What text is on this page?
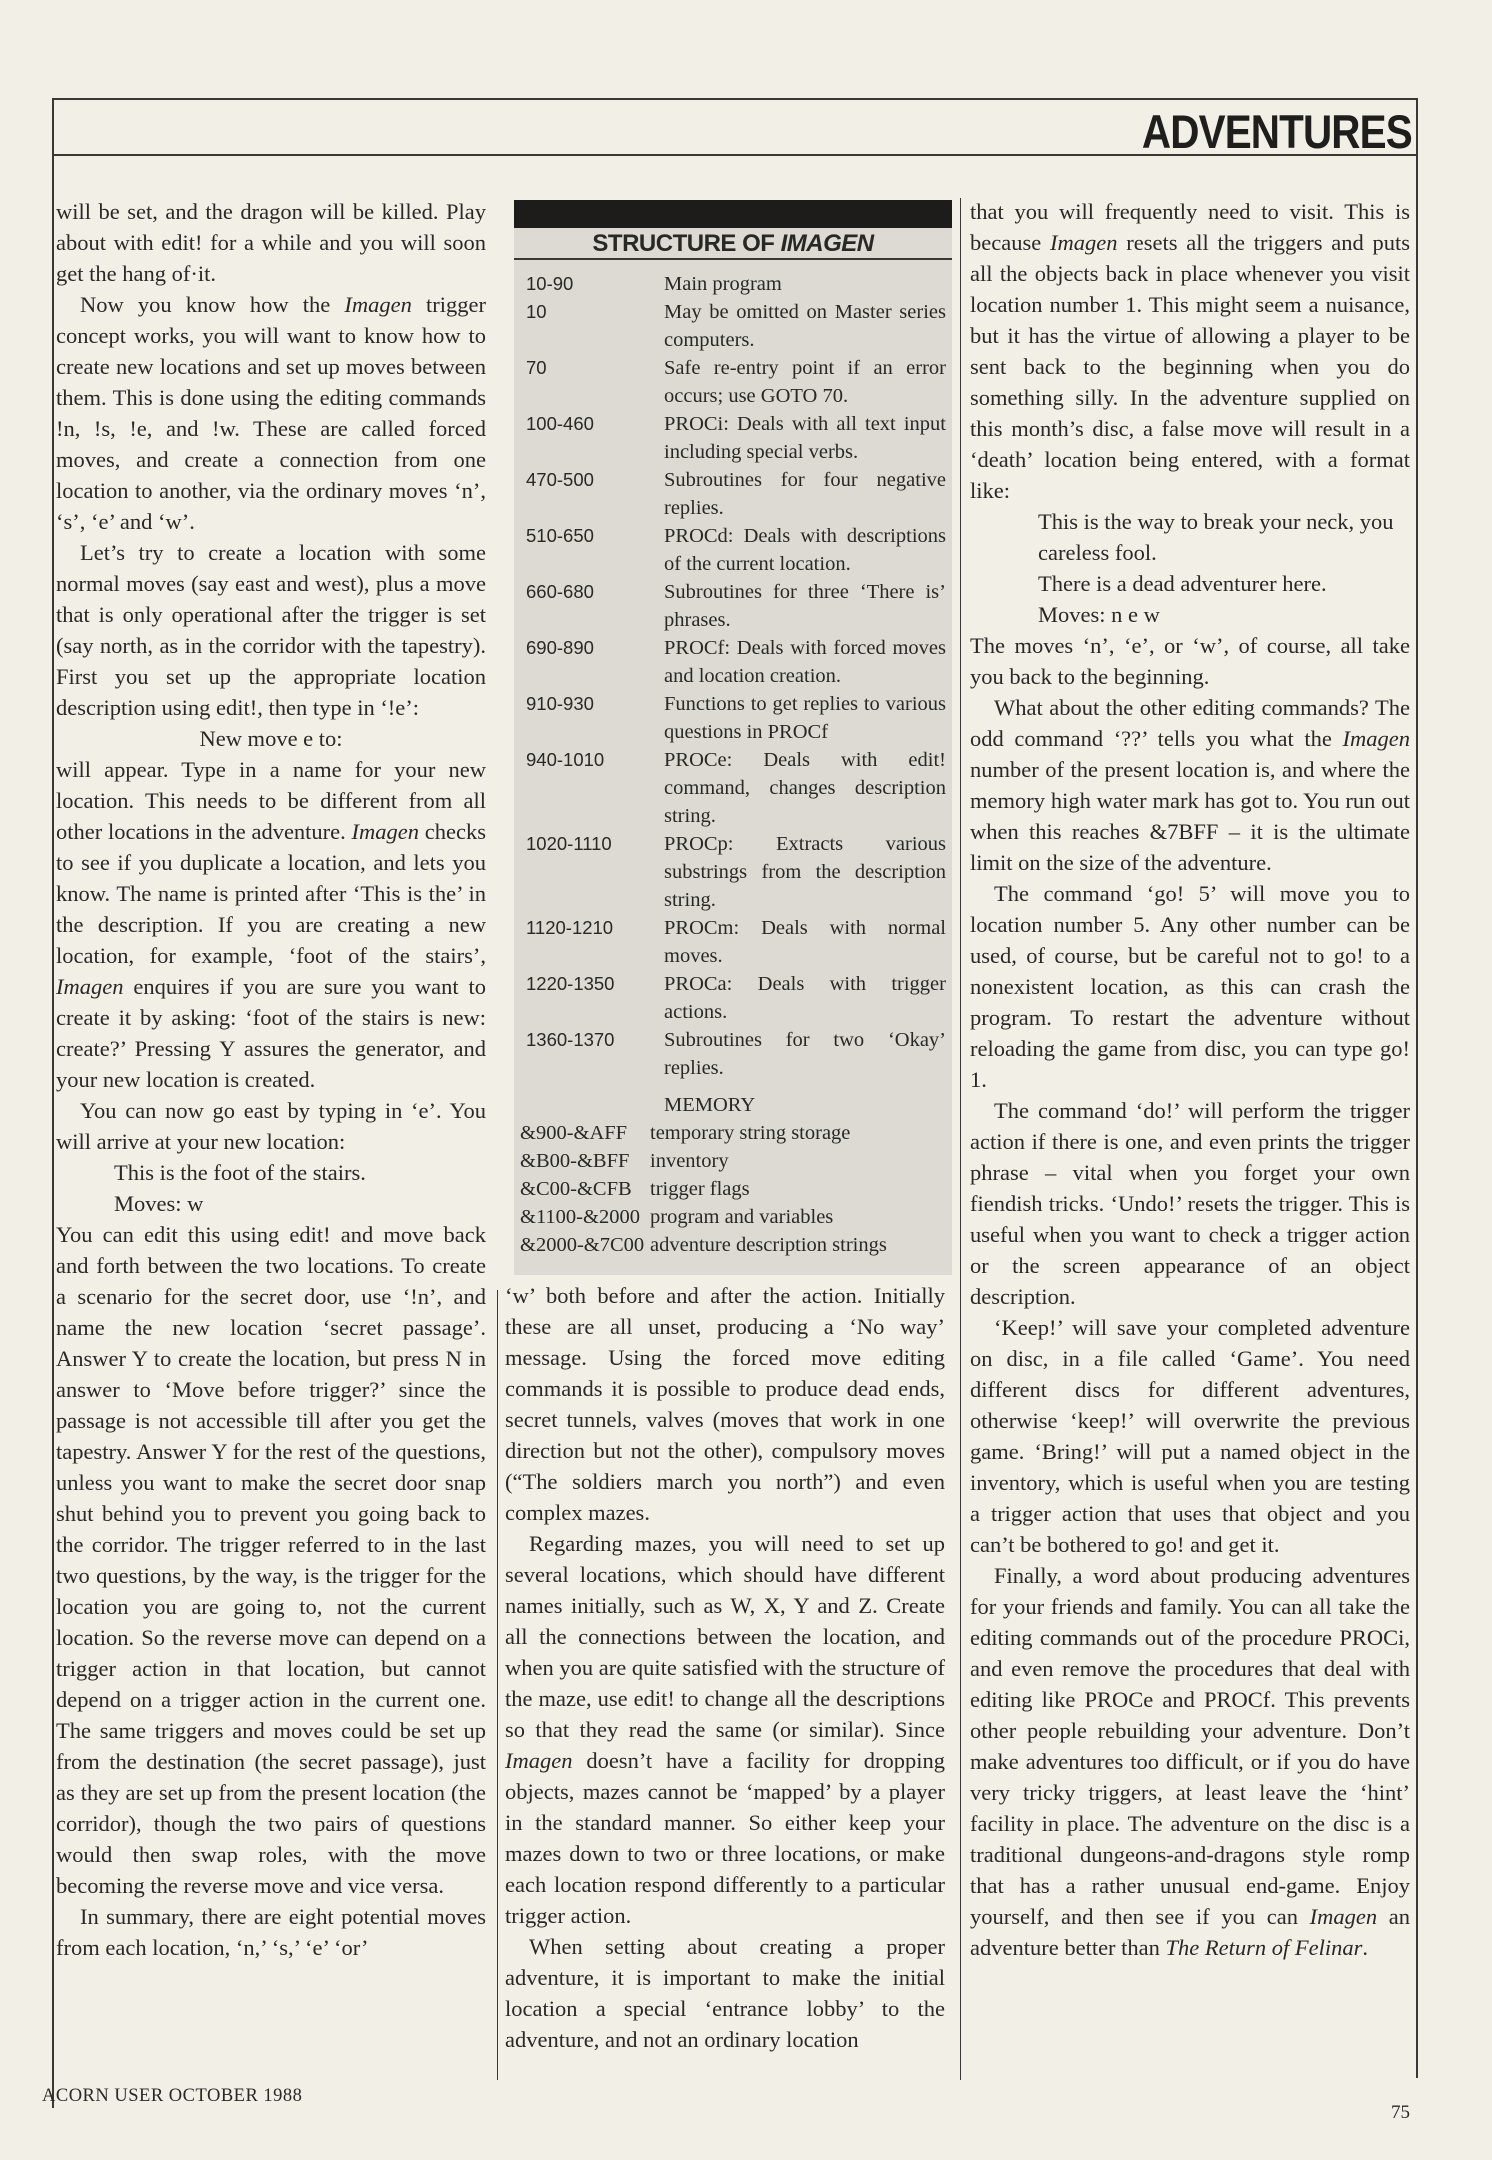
ADVENTURES

will be set, and the dragon will be killed. Play about with edit! for a while and you will soon get the hang of·it.

Now you know how the Imagen trigger concept works, you will want to know how to create new locations and set up moves between them. This is done using the editing commands !n, !s, !e, and !w. These are called forced moves, and create a connection from one location to another, via the ordinary moves ‘n’, ‘s’, ‘e’ and ‘w’.

Let’s try to create a location with some normal moves (say east and west), plus a move that is only operational after the trigger is set (say north, as in the corridor with the tapestry). First you set up the appropriate location description using edit!, then type in ‘!e’:

New move e to:

will appear. Type in a name for your new location. This needs to be different from all other locations in the adventure. Imagen checks to see if you duplicate a location, and lets you know. The name is printed after ‘This is the’ in the description. If you are creating a new location, for example, ‘foot of the stairs’, Imagen enquires if you are sure you want to create it by asking: ‘foot of the stairs is new: create?’ Pressing Y assures the generator, and your new location is created.

You can now go east by typing in ‘e’. You will arrive at your new location:

This is the foot of the stairs.

Moves: w

You can edit this using edit! and move back and forth between the two locations. To create a scenario for the secret door, use ‘!n’, and name the new location ‘secret passage’. Answer Y to create the location, but press N in answer to ‘Move before trigger?’ since the passage is not accessible till after you get the tapestry. Answer Y for the rest of the questions, unless you want to make the secret door snap shut behind you to prevent you going back to the corridor. The trigger referred to in the last two questions, by the way, is the trigger for the location you are going to, not the current location. So the reverse move can depend on a trigger action in that location, but cannot depend on a trigger action in the current one. The same triggers and moves could be set up from the destination (the secret passage), just as they are set up from the present location (the corridor), though the two pairs of questions would then swap roles, with the move becoming the reverse move and vice versa.

In summary, there are eight potential moves from each location, ‘n,’ ‘s,’ ‘e’ ‘or’

STRUCTURE OF IMAGEN
10-90	Main program
10	May be omitted on Master series computers.
70	Safe re-entry point if an error occurs; use GOTO 70.
100-460	PROCi: Deals with all text input including special verbs.
470-500	Subroutines for four negative replies.
510-650	PROCd: Deals with descriptions of the current location.
660-680	Subroutines for three ‘There is’ phrases.
690-890	PROCf: Deals with forced moves and location creation.
910-930	Functions to get replies to various questions in PROCf
940-1010	PROCe: Deals with edit! command, changes description string.
1020-1110	PROCp: Extracts various substrings from the description string.
1120-1210	PROCm: Deals with normal moves.
1220-1350	PROCa: Deals with trigger actions.
1360-1370	Subroutines for two ‘Okay’ replies.
MEMORY
&900-&AFF temporary string storage
&B00-&BFF inventory
&C00-&CFB trigger flags
&1100-&2000 program and variables
&2000-&7C00 adventure description strings

‘w’ both before and after the action. Initially these are all unset, producing a ‘No way’ message. Using the forced move editing commands it is possible to produce dead ends, secret tunnels, valves (moves that work in one direction but not the other), compulsory moves (“The soldiers march you north”) and even complex mazes.

Regarding mazes, you will need to set up several locations, which should have different names initially, such as W, X, Y and Z. Create all the connections between the location, and when you are quite satisfied with the structure of the maze, use edit! to change all the descriptions so that they read the same (or similar). Since Imagen doesn’t have a facility for dropping objects, mazes cannot be ‘mapped’ by a player in the standard manner. So either keep your mazes down to two or three locations, or make each location respond differently to a particular trigger action.

When setting about creating a proper adventure, it is important to make the initial location a special ‘entrance lobby’ to the adventure, and not an ordinary location

that you will frequently need to visit. This is because Imagen resets all the triggers and puts all the objects back in place whenever you visit location number 1. This might seem a nuisance, but it has the virtue of allowing a player to be sent back to the beginning when you do something silly. In the adventure supplied on this month’s disc, a false move will result in a ‘death’ location being entered, with a format like:

This is the way to break your neck, you careless fool.

There is a dead adventurer here.

Moves: n e w

The moves ‘n’, ‘e’, or ‘w’, of course, all take you back to the beginning.

What about the other editing commands? The odd command ‘??’ tells you what the Imagen number of the present location is, and where the memory high water mark has got to. You run out when this reaches &7BFF – it is the ultimate limit on the size of the adventure.

The command ‘go! 5’ will move you to location number 5. Any other number can be used, of course, but be careful not to go! to a nonexistent location, as this can crash the program. To restart the adventure without reloading the game from disc, you can type go! 1.

The command ‘do!’ will perform the trigger action if there is one, and even prints the trigger phrase – vital when you forget your own fiendish tricks. ‘Undo!’ resets the trigger. This is useful when you want to check a trigger action or the screen appearance of an object description.

‘Keep!’ will save your completed adventure on disc, in a file called ‘Game’. You need different discs for different adventures, otherwise ‘keep!’ will overwrite the previous game. ‘Bring!’ will put a named object in the inventory, which is useful when you are testing a trigger action that uses that object and you can’t be bothered to go! and get it.

Finally, a word about producing adventures for your friends and family. You can all take the editing commands out of the procedure PROCi, and even remove the procedures that deal with editing like PROCe and PROCf. This prevents other people rebuilding your adventure. Don’t make adventures too difficult, or if you do have very tricky triggers, at least leave the ‘hint’ facility in place. The adventure on the disc is a traditional dungeons-and-dragons style romp that has a rather unusual end-game. Enjoy yourself, and then see if you can Imagen an adventure better than The Return of Felinar.

ACORN USER OCTOBER 1988
75
